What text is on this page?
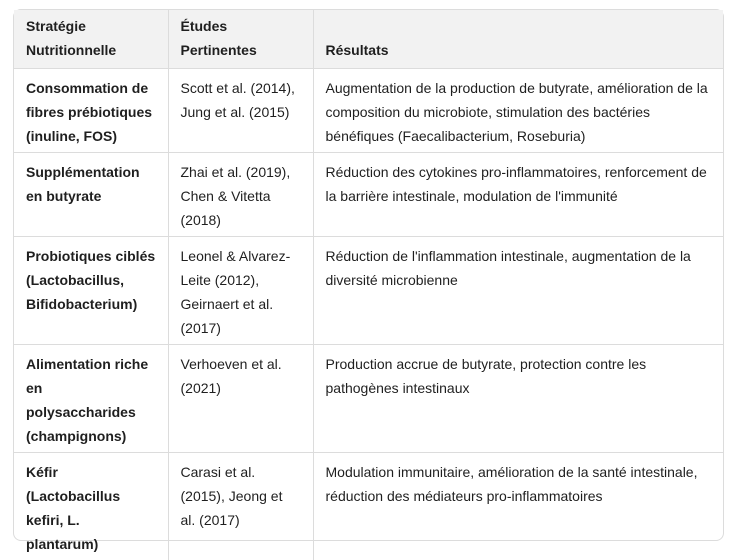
Stratégie Nutritionnelle	Études Pertinentes	Résultats
Consommation de fibres prébiotiques (inuline, FOS)	Scott et al. (2014), Jung et al. (2015)	Augmentation de la production de butyrate, amélioration de la composition du microbiote, stimulation des bactéries bénéfiques (Faecalibacterium, Roseburia)
Supplémentation en butyrate	Zhai et al. (2019), Chen & Vitetta (2018)	Réduction des cytokines pro-inflammatoires, renforcement de la barrière intestinale, modulation de l'immunité
Probiotiques ciblés (Lactobacillus, Bifidobacterium)	Leonel & Alvarez-Leite (2012), Geirnaert et al. (2017)	Réduction de l'inflammation intestinale, augmentation de la diversité microbienne
Alimentation riche en polysaccharides (champignons)	Verhoeven et al. (2021)	Production accrue de butyrate, protection contre les pathogènes intestinaux
Kéfir (Lactobacillus kefiri, L. plantarum)	Carasi et al. (2015), Jeong et al. (2017)	Modulation immunitaire, amélioration de la santé intestinale, réduction des médiateurs pro-inflammatoires
